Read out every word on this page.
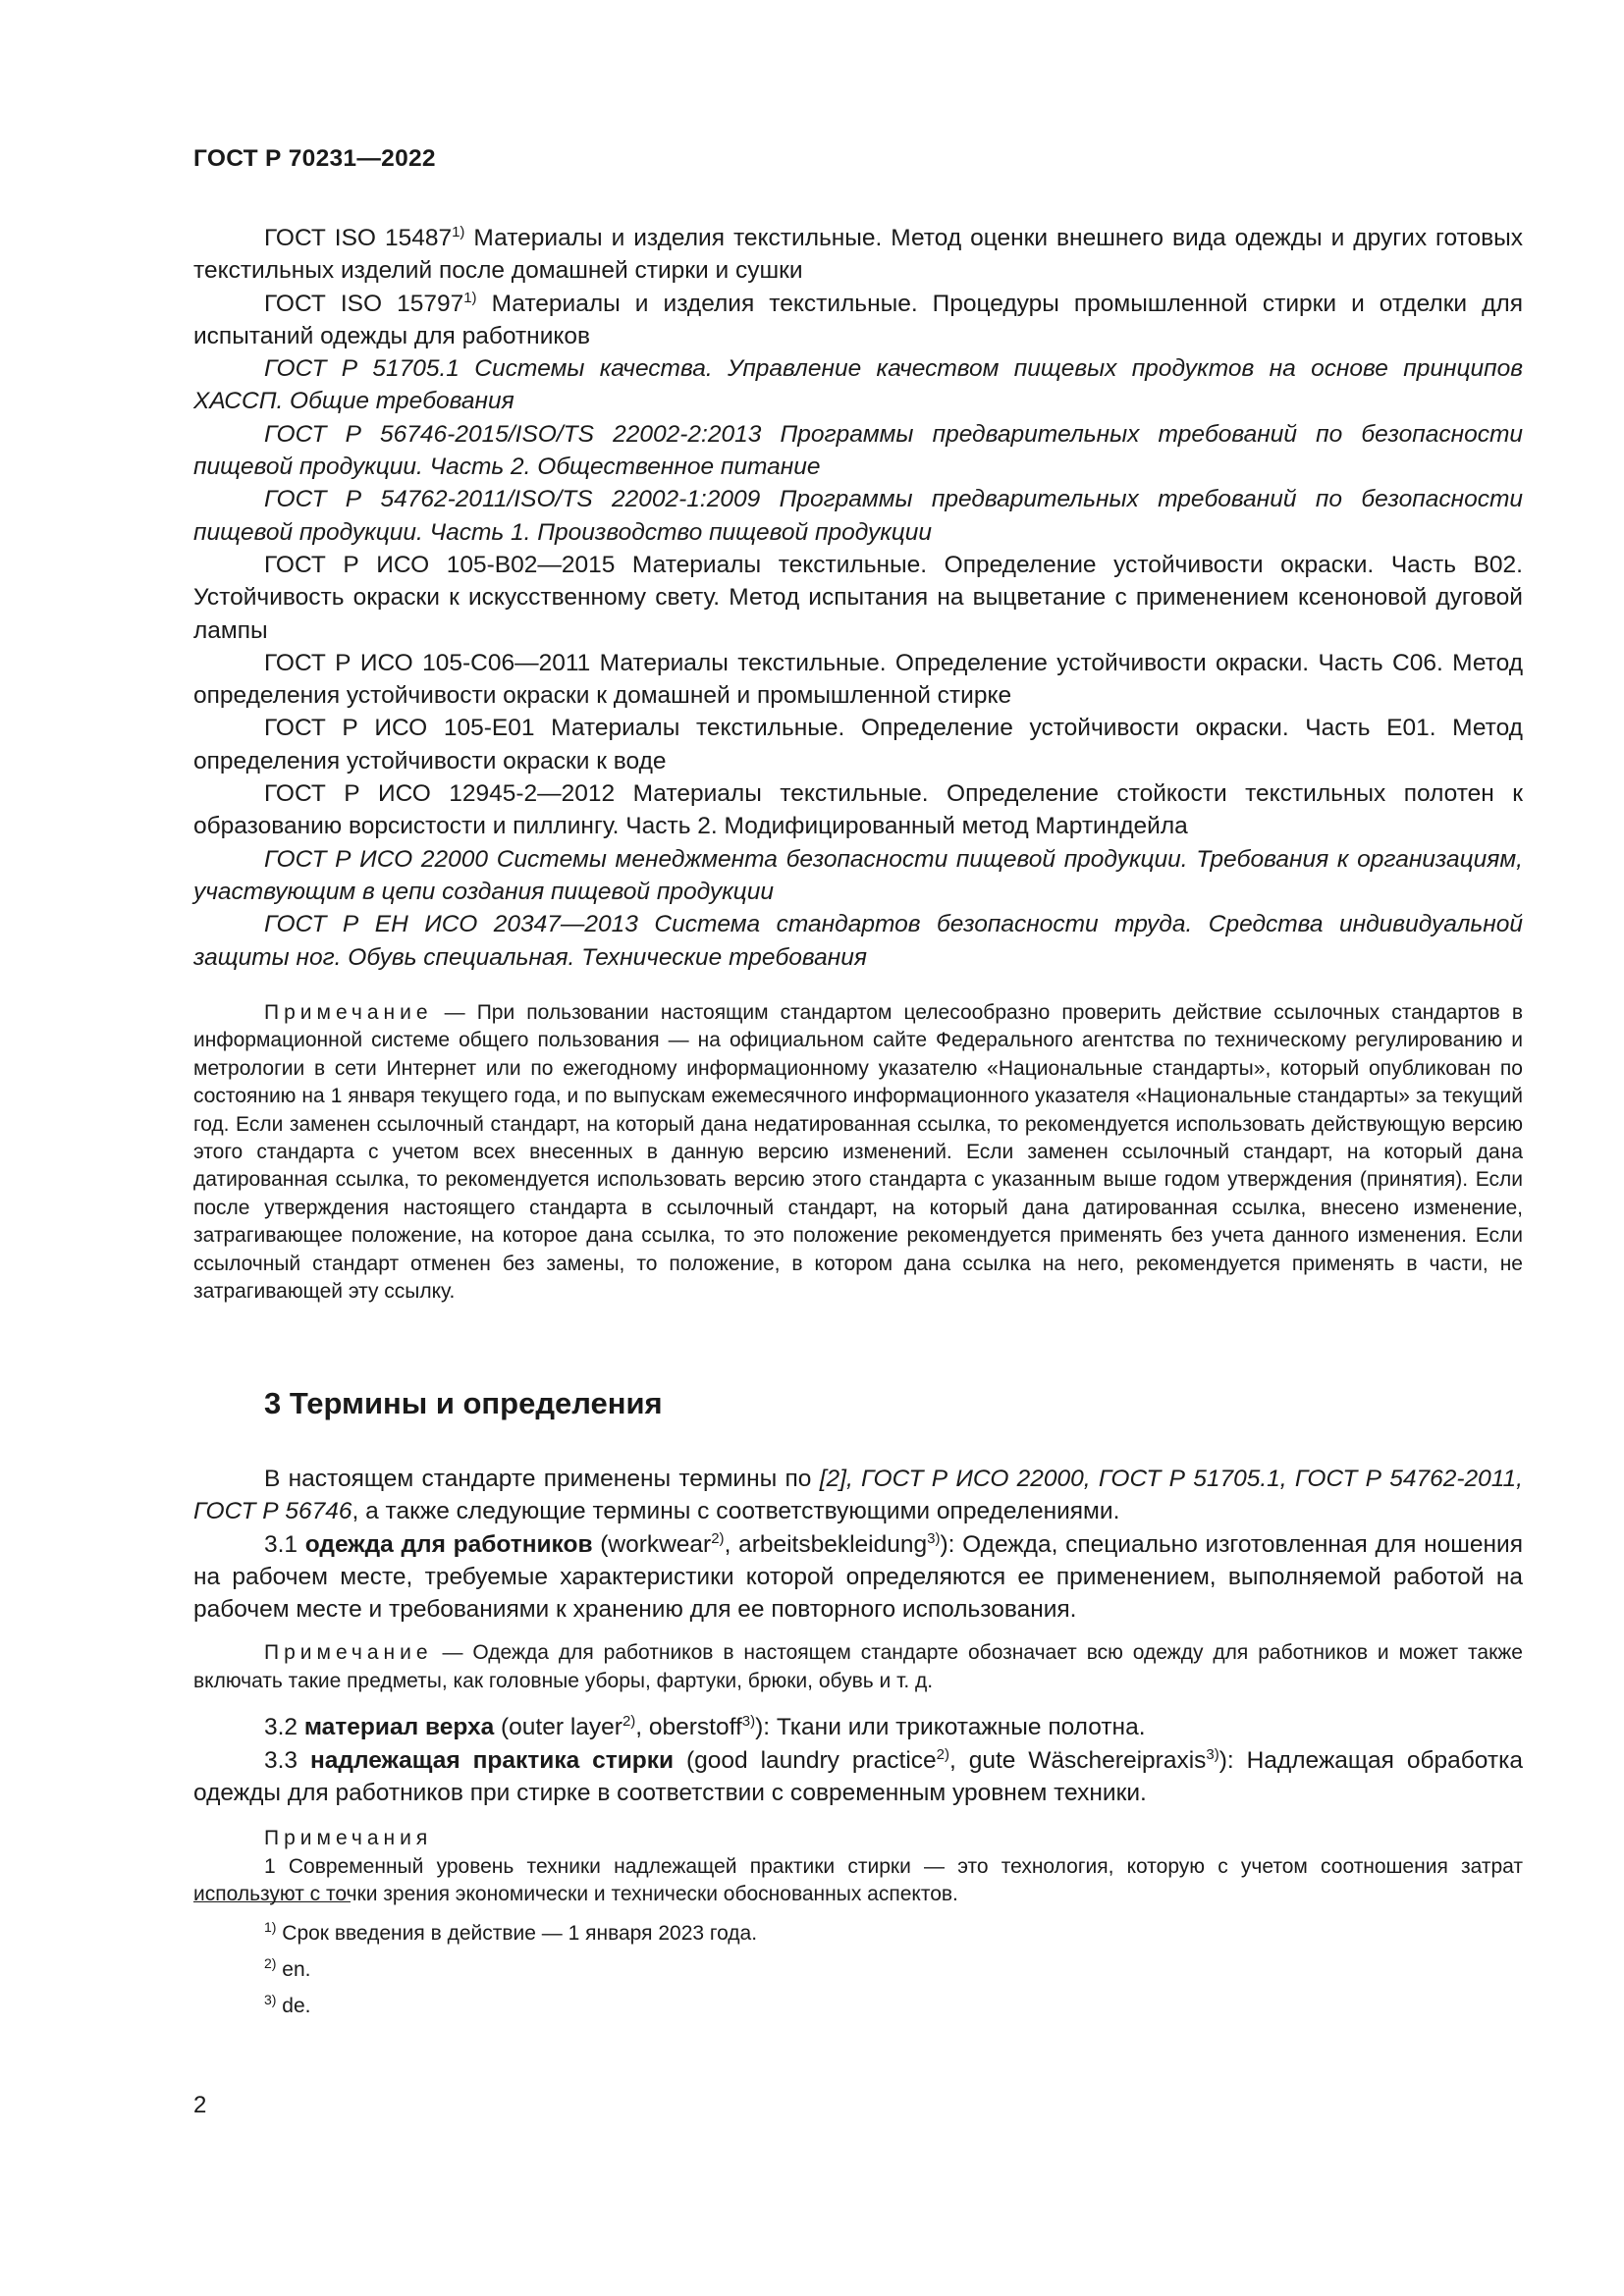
ГОСТ Р 70231—2022

ГОСТ ISO 15487$^{1)}$ Материалы и изделия текстильные. Метод оценки внешнего вида одежды и других готовых текстильных изделий после домашней стирки и сушки

ГОСТ ISO 15797$^{1)}$ Материалы и изделия текстильные. Процедуры промышленной стирки и отделки для испытаний одежды для работников

ГОСТ Р 51705.1 Системы качества. Управление качеством пищевых продуктов на основе принципов ХАССП. Общие требования

ГОСТ Р 56746-2015/ISO/TS 22002-2:2013 Программы предварительных требований по безопасности пищевой продукции. Часть 2. Общественное питание

ГОСТ Р 54762-2011/ISO/TS 22002-1:2009 Программы предварительных требований по безопасности пищевой продукции. Часть 1. Производство пищевой продукции

ГОСТ Р ИСО 105-В02—2015 Материалы текстильные. Определение устойчивости окраски. Часть В02. Устойчивость окраски к искусственному свету. Метод испытания на выцветание с применением ксеноновой дуговой лампы

ГОСТ Р ИСО 105-С06—2011 Материалы текстильные. Определение устойчивости окраски. Часть С06. Метод определения устойчивости окраски к домашней и промышленной стирке

ГОСТ Р ИСО 105-Е01 Материалы текстильные. Определение устойчивости окраски. Часть Е01. Метод определения устойчивости окраски к воде

ГОСТ Р ИСО 12945-2—2012 Материалы текстильные. Определение стойкости текстильных полотен к образованию ворсистости и пиллингу. Часть 2. Модифицированный метод Мартиндейла

ГОСТ Р ИСО 22000 Системы менеджмента безопасности пищевой продукции. Требования к организациям, участвующим в цепи создания пищевой продукции

ГОСТ Р ЕН ИСО 20347—2013 Система стандартов безопасности труда. Средства индивидуальной защиты ног. Обувь специальная. Технические требования

Примечание — При пользовании настоящим стандартом целесообразно проверить действие ссылочных стандартов в информационной системе общего пользования — на официальном сайте Федерального агентства по техническому регулированию и метрологии в сети Интернет или по ежегодному информационному указателю «Национальные стандарты», который опубликован по состоянию на 1 января текущего года, и по выпускам ежемесячного информационного указателя «Национальные стандарты» за текущий год. Если заменен ссылочный стандарт, на который дана недатированная ссылка, то рекомендуется использовать действующую версию этого стандарта с учетом всех внесенных в данную версию изменений. Если заменен ссылочный стандарт, на который дана датированная ссылка, то рекомендуется использовать версию этого стандарта с указанным выше годом утверждения (принятия). Если после утверждения настоящего стандарта в ссылочный стандарт, на который дана датированная ссылка, внесено изменение, затрагивающее положение, на которое дана ссылка, то это положение рекомендуется применять без учета данного изменения. Если ссылочный стандарт отменен без замены, то положение, в котором дана ссылка на него, рекомендуется применять в части, не затрагивающей эту ссылку.

3 Термины и определения

В настоящем стандарте применены термины по [2], ГОСТ Р ИСО 22000, ГОСТ Р 51705.1, ГОСТ Р 54762-2011, ГОСТ Р 56746, а также следующие термины с соответствующими определениями.

3.1 одежда для работников (workwear$^{2)}$, arbeitsbekleidung$^{3)}$): Одежда, специально изготовленная для ношения на рабочем месте, требуемые характеристики которой определяются ее применением, выполняемой работой на рабочем месте и требованиями к хранению для ее повторного использования.

Примечание — Одежда для работников в настоящем стандарте обозначает всю одежду для работников и может также включать такие предметы, как головные уборы, фартуки, брюки, обувь и т. д.

3.2 материал верха (outer layer$^{2)}$, oberstoff$^{3)}$): Ткани или трикотажные полотна.

3.3 надлежащая практика стирки (good laundry practice$^{2)}$, gute Wäschereipraxis$^{3)}$): Надлежащая обработка одежды для работников при стирке в соответствии с современным уровнем техники.

Примечания

1 Современный уровень техники надлежащей практики стирки — это технология, которую с учетом соотношения затрат используют с точки зрения экономически и технически обоснованных аспектов.

$^{1)}$ Срок введения в действие — 1 января 2023 года.

$^{2)}$ en.

$^{3)}$ de.

2
